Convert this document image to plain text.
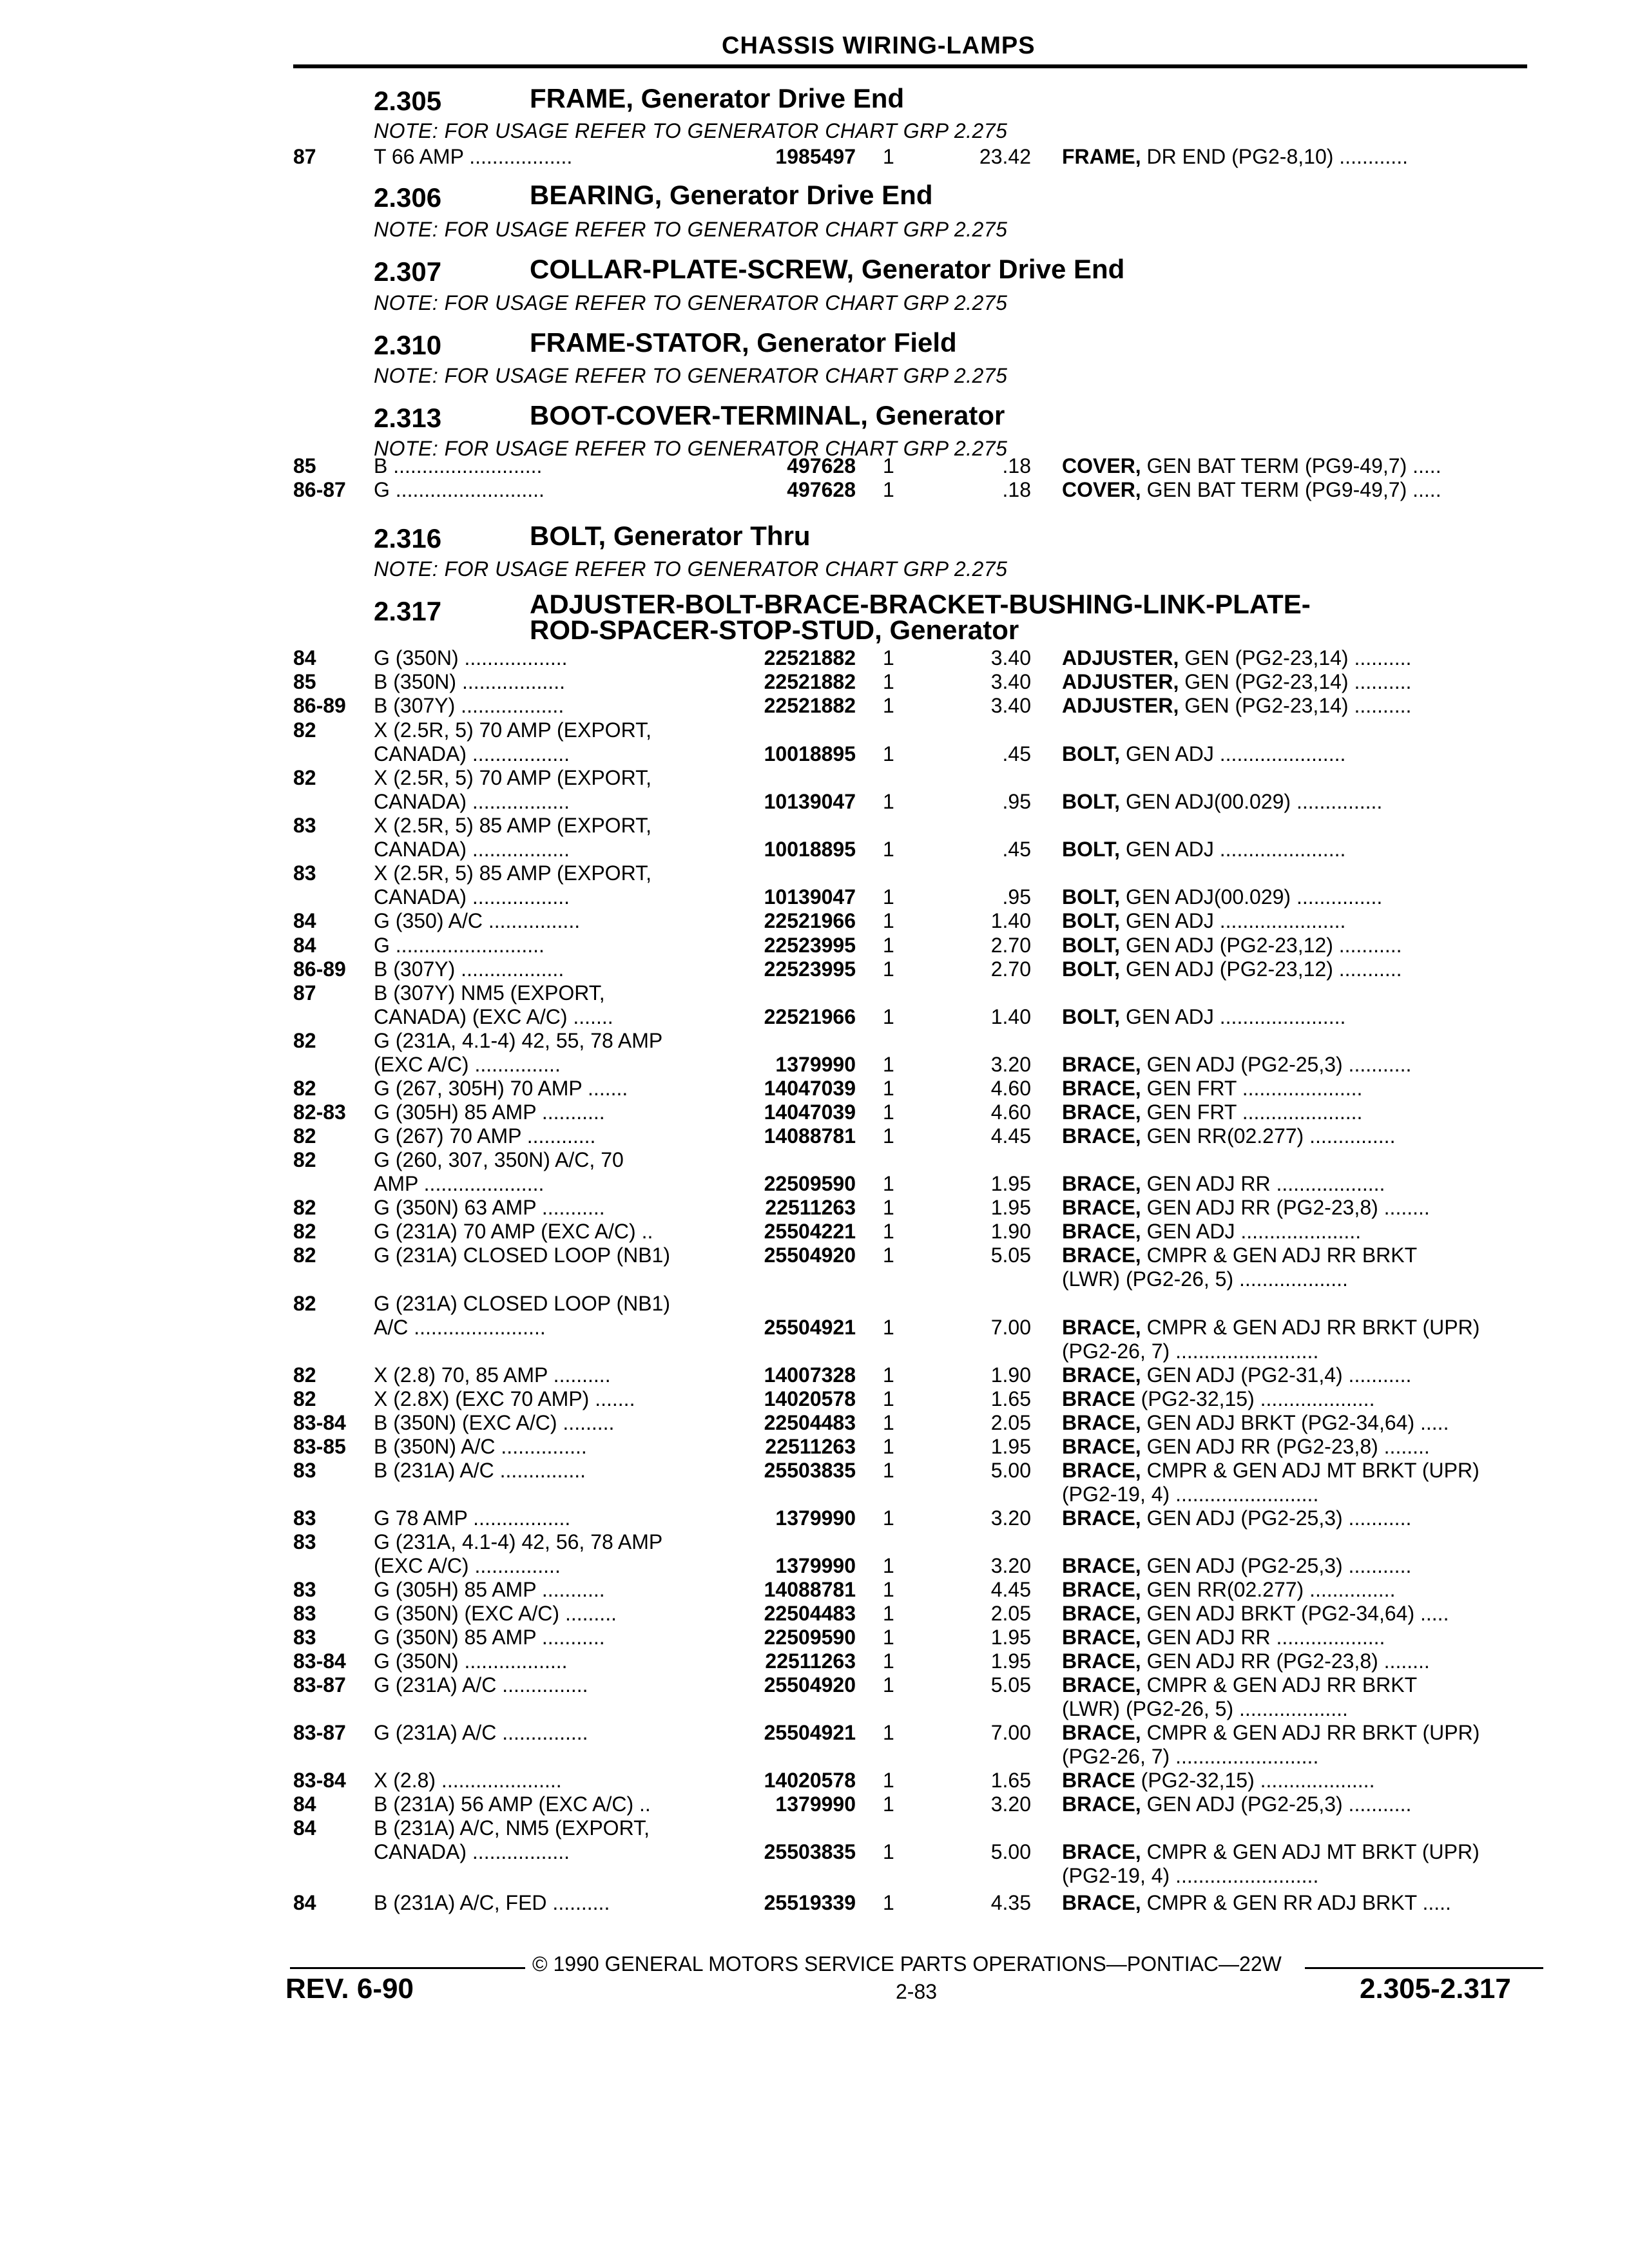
CHASSIS WIRING-LAMPS
2.305	FRAME, Generator Drive End
NOTE: FOR USAGE REFER TO GENERATOR CHART GRP 2.275
2.306	BEARING, Generator Drive End
NOTE: FOR USAGE REFER TO GENERATOR CHART GRP 2.275
2.307	COLLAR-PLATE-SCREW, Generator Drive End
NOTE: FOR USAGE REFER TO GENERATOR CHART GRP 2.275
2.310	FRAME-STATOR, Generator Field
NOTE: FOR USAGE REFER TO GENERATOR CHART GRP 2.275
2.313	BOOT-COVER-TERMINAL, Generator
NOTE: FOR USAGE REFER TO GENERATOR CHART GRP 2.275
2.316	BOLT, Generator Thru
NOTE: FOR USAGE REFER TO GENERATOR CHART GRP 2.275
2.317	ADJUSTER-BOLT-BRACE-BRACKET-BUSHING-LINK-PLATE-
ROD-SPACER-STOP-STUD, Generator
87	T 66 AMP ..................	1985497 1	23.42 FRAME, DR END (PG2-8,10) ............
85	B ..........................	497628 1	.18 COVER, GEN BAT TERM (PG9-49,7) .....
86-87 G ..........................	497628 1	.18 COVER, GEN BAT TERM (PG9-49,7) .....
84	G (350N) ..................	22521882 1	3.40 ADJUSTER, GEN (PG2-23,14) ..........
85	B (350N) ..................	22521882 1	3.40 ADJUSTER, GEN (PG2-23,14) ..........
86-89 B (307Y) ..................	22521882 1	3.40 ADJUSTER, GEN (PG2-23,14) ..........
82	X (2.5R, 5) 70 AMP (EXPORT,
CANADA) .................	10018895 1	.45 BOLT, GEN ADJ ......................
82	X (2.5R, 5) 70 AMP (EXPORT,
CANADA) .................	10139047 1	.95 BOLT, GEN ADJ(00.029) ...............
83	X (2.5R, 5) 85 AMP (EXPORT,
CANADA) .................	10018895 1	.45 BOLT, GEN ADJ ......................
83	X (2.5R, 5) 85 AMP (EXPORT,
CANADA) .................	10139047 1	.95 BOLT, GEN ADJ(00.029) ...............
84	G (350) A/C ................	22521966 1	1.40 BOLT, GEN ADJ ......................
84	G ..........................	22523995 1	2.70 BOLT, GEN ADJ (PG2-23,12) ...........
86-89 B (307Y) ..................	22523995 1	2.70 BOLT, GEN ADJ (PG2-23,12) ...........
87	B (307Y) NM5 (EXPORT,
CANADA) (EXC A/C) .......	22521966 1	1.40 BOLT, GEN ADJ ......................
82	G (231A, 4.1-4) 42, 55, 78 AMP
(EXC A/C) ...............	1379990 1	3.20 BRACE, GEN ADJ (PG2-25,3) ...........
82	G (267, 305H) 70 AMP .......	14047039 1	4.60 BRACE, GEN FRT .....................
82-83 G (305H) 85 AMP ...........	14047039 1	4.60 BRACE, GEN FRT .....................
82	G (267) 70 AMP ............	14088781 1	4.45 BRACE, GEN RR(02.277) ...............
82	G (260, 307, 350N) A/C, 70
AMP .....................	22509590 1	1.95 BRACE, GEN ADJ RR ...................
82	G (350N) 63 AMP ...........	22511263 1	1.95 BRACE, GEN ADJ RR (PG2-23,8) ........
82	G (231A) 70 AMP (EXC A/C) ..	25504221 1	1.90 BRACE, GEN ADJ .....................
82	G (231A) CLOSED LOOP (NB1)	25504920 1	5.05 BRACE, CMPR & GEN ADJ RR BRKT
(LWR) (PG2-26, 5) ...................
82	G (231A) CLOSED LOOP (NB1)
A/C .......................	25504921 1	7.00 BRACE, CMPR & GEN ADJ RR BRKT (UPR)
(PG2-26, 7) .........................
82	X (2.8) 70, 85 AMP ..........	14007328 1	1.90 BRACE, GEN ADJ (PG2-31,4) ...........
82	X (2.8X) (EXC 70 AMP) .......	14020578 1	1.65 BRACE (PG2-32,15) ....................
83-84 B (350N) (EXC A/C) .........	22504483 1	2.05 BRACE, GEN ADJ BRKT (PG2-34,64) .....
83-85 B (350N) A/C ...............	22511263 1	1.95 BRACE, GEN ADJ RR (PG2-23,8) ........
83	B (231A) A/C ...............	25503835 1	5.00 BRACE, CMPR & GEN ADJ MT BRKT (UPR)
(PG2-19, 4) .........................
83	G 78 AMP .................	1379990 1	3.20 BRACE, GEN ADJ (PG2-25,3) ...........
83	G (231A, 4.1-4) 42, 56, 78 AMP
(EXC A/C) ...............	1379990 1	3.20 BRACE, GEN ADJ (PG2-25,3) ...........
83	G (305H) 85 AMP ...........	14088781 1	4.45 BRACE, GEN RR(02.277) ...............
83	G (350N) (EXC A/C) .........	22504483 1	2.05 BRACE, GEN ADJ BRKT (PG2-34,64) .....
83	G (350N) 85 AMP ...........	22509590 1	1.95 BRACE, GEN ADJ RR ...................
83-84 G (350N) ..................	22511263 1	1.95 BRACE, GEN ADJ RR (PG2-23,8) ........
83-87 G (231A) A/C ...............	25504920 1	5.05 BRACE, CMPR & GEN ADJ RR BRKT
(LWR) (PG2-26, 5) ...................
83-87 G (231A) A/C ...............	25504921 1	7.00 BRACE, CMPR & GEN ADJ RR BRKT (UPR)
(PG2-26, 7) .........................
83-84 X (2.8) .....................	14020578 1	1.65 BRACE (PG2-32,15) ....................
84	B (231A) 56 AMP (EXC A/C) ..	1379990 1	3.20 BRACE, GEN ADJ (PG2-25,3) ...........
84	B (231A) A/C, NM5 (EXPORT,
CANADA) .................	25503835 1	5.00 BRACE, CMPR & GEN ADJ MT BRKT (UPR)
(PG2-19, 4) .........................
84	B (231A) A/C, FED ..........	25519339 1	4.35 BRACE, CMPR & GEN RR ADJ BRKT .....
© 1990 GENERAL MOTORS SERVICE PARTS OPERATIONS—PONTIAC—22W
REV. 6-90	2-83	2.305-2.317
